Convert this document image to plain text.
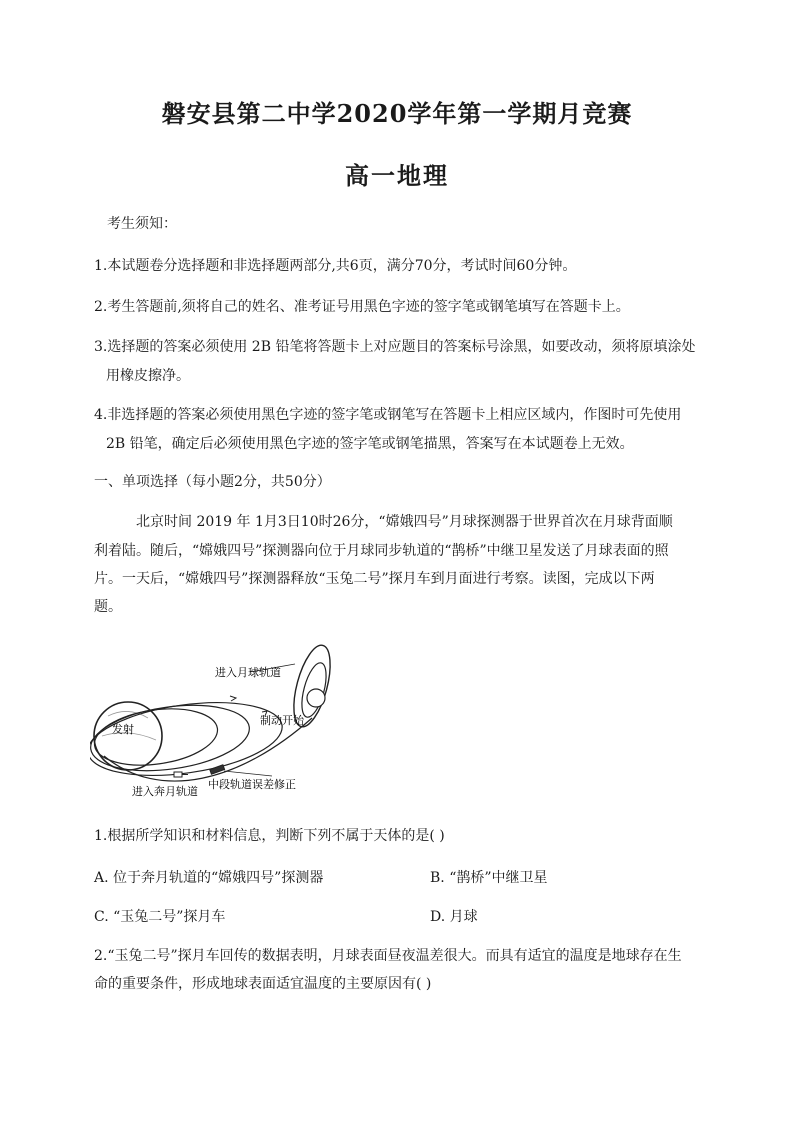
磐安县第二中学2020学年第一学期月竞赛
高一地理
考生须知：
1.本试题卷分选择题和非选择题两部分,共6页，满分70分，考试时间60分钟。
2.考生答题前,须将自己的姓名、准考证号用黑色字迹的签字笔或钢笔填写在答题卡上。
3.选择题的答案必须使用 2B 铅笔将答题卡上对应题目的答案标号涂黑，如要改动，须将原填涂处
用橡皮擦净。
4.非选择题的答案必须使用黑色字迹的签字笔或钢笔写在答题卡上相应区域内，作图时可先使用
2B 铅笔，确定后必须使用黑色字迹的签字笔或钢笔描黑，答案写在本试题卷上无效。
一、单项选择（每小题2分，共50分）
北京时间 2019 年 1月3日10时26分，“嫦娥四号”月球探测器于世界首次在月球背面顺
利着陆。随后，“嫦娥四号”探测器向位于月球同步轨道的“鹊桥”中继卫星发送了月球表面的照
片。一天后，“嫦娥四号”探测器释放“玉兔二号”探月车到月面进行考察。读图，完成以下两
题。
进入月球轨道
制动开始
发射
进入奔月轨道
中段轨道误差修正
1.根据所学知识和材料信息，判断下列不属于天体的是( )
A. 位于奔月轨道的“嫦娥四号”探测器	B. “鹊桥”中继卫星
C. “玉兔二号”探月车	D. 月球
2.“玉兔二号”探月车回传的数据表明，月球表面昼夜温差很大。而具有适宜的温度是地球存在生
命的重要条件，形成地球表面适宜温度的主要原因有( )
